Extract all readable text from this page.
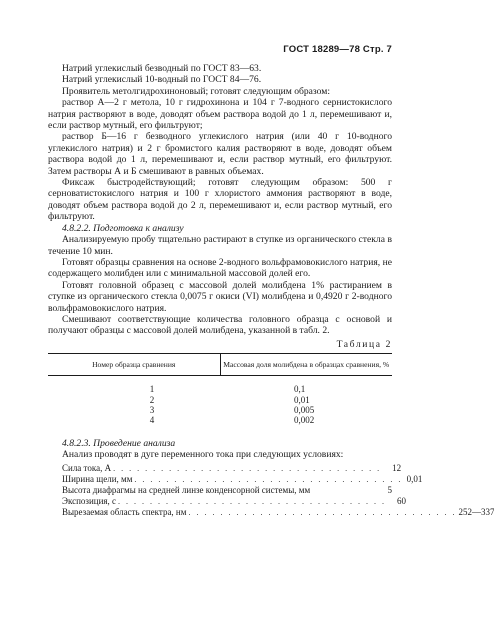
ГОСТ 18289—78 Стр. 7

Натрий углекислый безводный по ГОСТ 83—63.

Натрий углекислый 10-водный по ГОСТ 84—76.

Проявитель метолгидрохиноновый; готовят следующим образом:

раствор А—2 г метола, 10 г гидрохинона и 104 г 7-водного сернистокислого натрия растворяют в воде, доводят объем раствора водой до 1 л, перемешивают и, если раствор мутный, его фильтруют;

раствор Б—16 г безводного углекислого натрия (или 40 г 10-водного углекислого натрия) и 2 г бромистого калия растворяют в воде, доводят объем раствора водой до 1 л, перемешивают и, если раствор мутный, его фильтруют. Затем растворы А и Б смешивают в равных объемах.

Фиксаж быстродействующий; готовят следующим образом: 500 г серноватистокислого натрия и 100 г хлористого аммония растворяют в воде, доводят объем раствора водой до 2 л, перемешивают и, если раствор мутный, его фильтруют.

4.8.2.2. Подготовка к анализу

Анализируемую пробу тщательно растирают в ступке из органического стекла в течение 10 мин.

Готовят образцы сравнения на основе 2-водного вольфрамовокислого натрия, не содержащего молибден или с минимальной массовой долей его.

Готовят головной образец с массовой долей молибдена 1% растиранием в ступке из органического стекла 0,0075 г окиси (VI) молибдена и 0,4920 г 2-водного вольфрамовокислого натрия.

Смешивают соответствующие количества головного образца с основой и получают образцы с массовой долей молибдена, указанной в табл. 2.

Таблица 2
Номер образца сравнения	Массовая доля молибдена в образцах сравнения, %
1	0,1
2	0,01
3	0,005
4	0,002

4.8.2.3. Проведение анализа

Анализ проводят в дуге переменного тока при следующих условиях:

Сила тока, А . . . . . . . . . . . . . . . . . . . . . . . . . . . . . . . . . .	12
Ширина щели, мм . . . . . . . . . . . . . . . . . . . . . . . . . . . . . . . . . . 0,01
Высота диафрагмы на средней линзе конденсорной системы, мм	5
Экспозиция, с . . . . . . . . . . . . . . . . . . . . . . . . . . . . . . . . . .	60
Вырезаемая область спектра, нм . . . . . . . . . . . . . . . . . . . . . . . . . . . . . . . . . . 252—337
